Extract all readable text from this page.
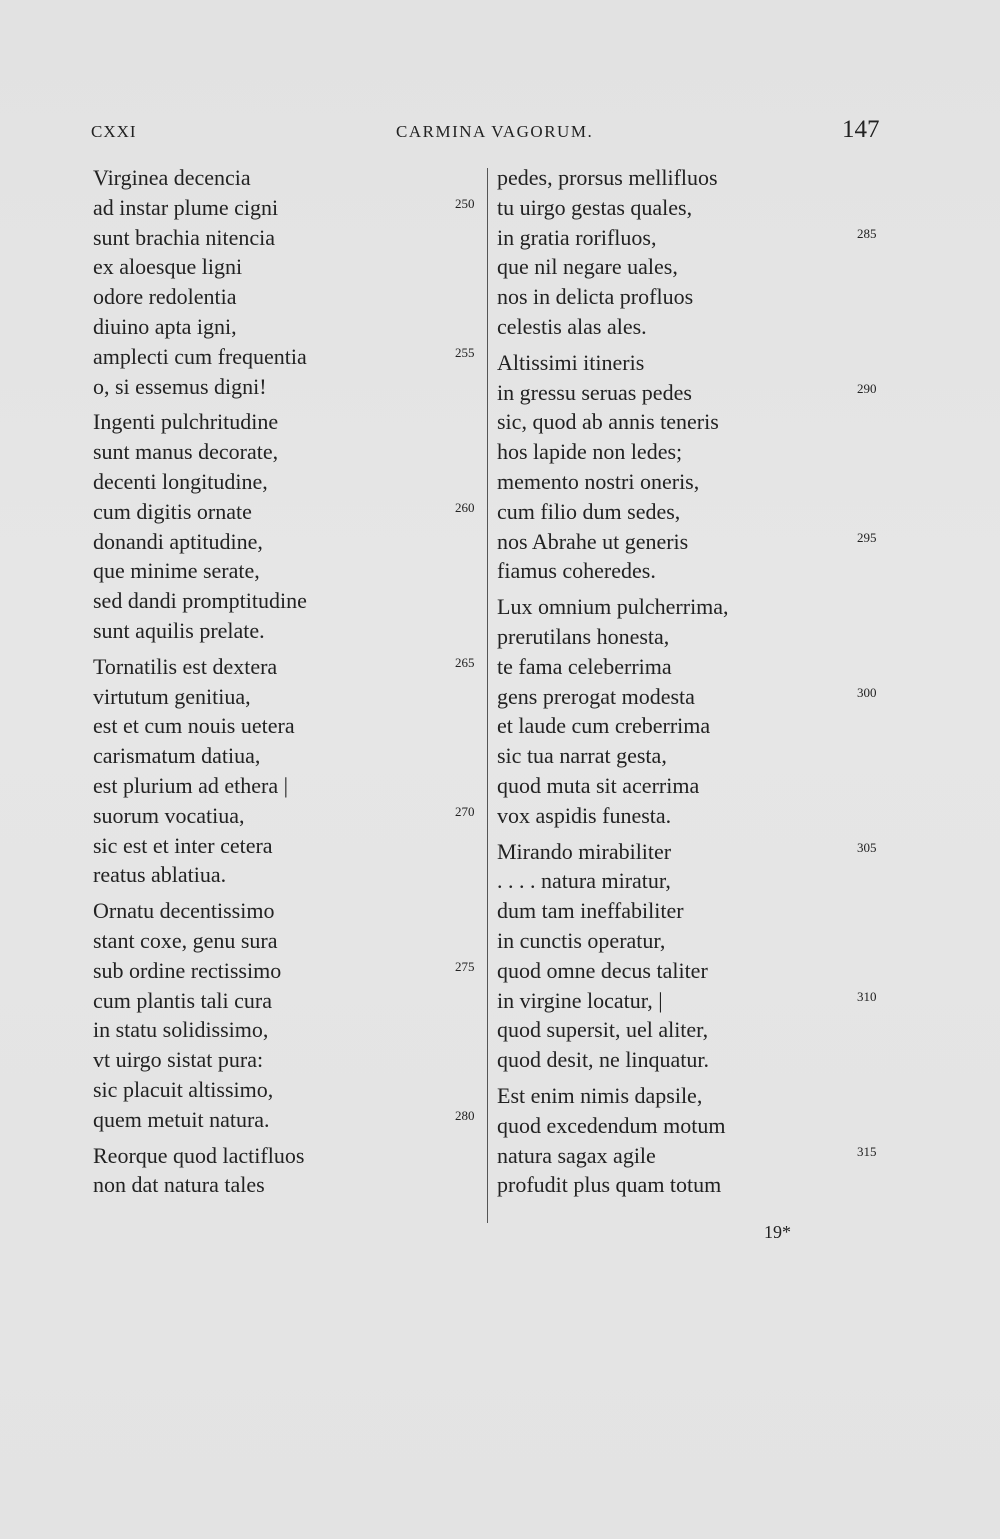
CXXI	CARMINA VAGORUM.	147
Virginea decencia
ad instar plume cigni	250
sunt brachia nitencia
ex aloesque ligni
odore redolentia
diuino apta igni,
amplecti cum frequentia	255
o, si essemus digni!
Ingenti pulchritudine
sunt manus decorate,
decenti longitudine,
cum digitis ornate	260
donandi aptitudine,
que minime serate,
sed dandi promptitudine
sunt aquilis prelate.
Tornatilis est dextera	265
virtutum genitiua,
est et cum nouis uetera
carismatum datiua,
est plurium ad ethera |
suorum vocatiua,	270
sic est et inter cetera
reatus ablatiua.
Ornatu decentissimo
stant coxe, genu sura
sub ordine rectissimo	275
cum plantis tali cura
in statu solidissimo,
vt uirgo sistat pura:
sic placuit altissimo,
quem metuit natura.	280
Reorque quod lactifluos
non dat natura tales
pedes, prorsus mellifluos
tu uirgo gestas quales,
in gratia rorifluos,	285
que nil negare uales,
nos in delicta profluos
celestis alas ales.
Altissimi itineris
in gressu seruas pedes	290
sic, quod ab annis teneris
hos lapide non ledes;
memento nostri oneris,
cum filio dum sedes,
nos Abrahe ut generis	295
fiamus coheredes.
Lux omnium pulcherrima,
prerutilans honesta,
te fama celeberrima
gens prerogat modesta	300
et laude cum creberrima
sic tua narrat gesta,
quod muta sit acerrima
vox aspidis funesta.
Mirando mirabiliter	305
. . . . natura miratur,
dum tam ineffabiliter
in cunctis operatur,
quod omne decus taliter
in virgine locatur, |	310
quod supersit, uel aliter,
quod desit, ne linquatur.
Est enim nimis dapsile,
quod excedendum motum
natura sagax agile	315
profudit plus quam totum
19*
